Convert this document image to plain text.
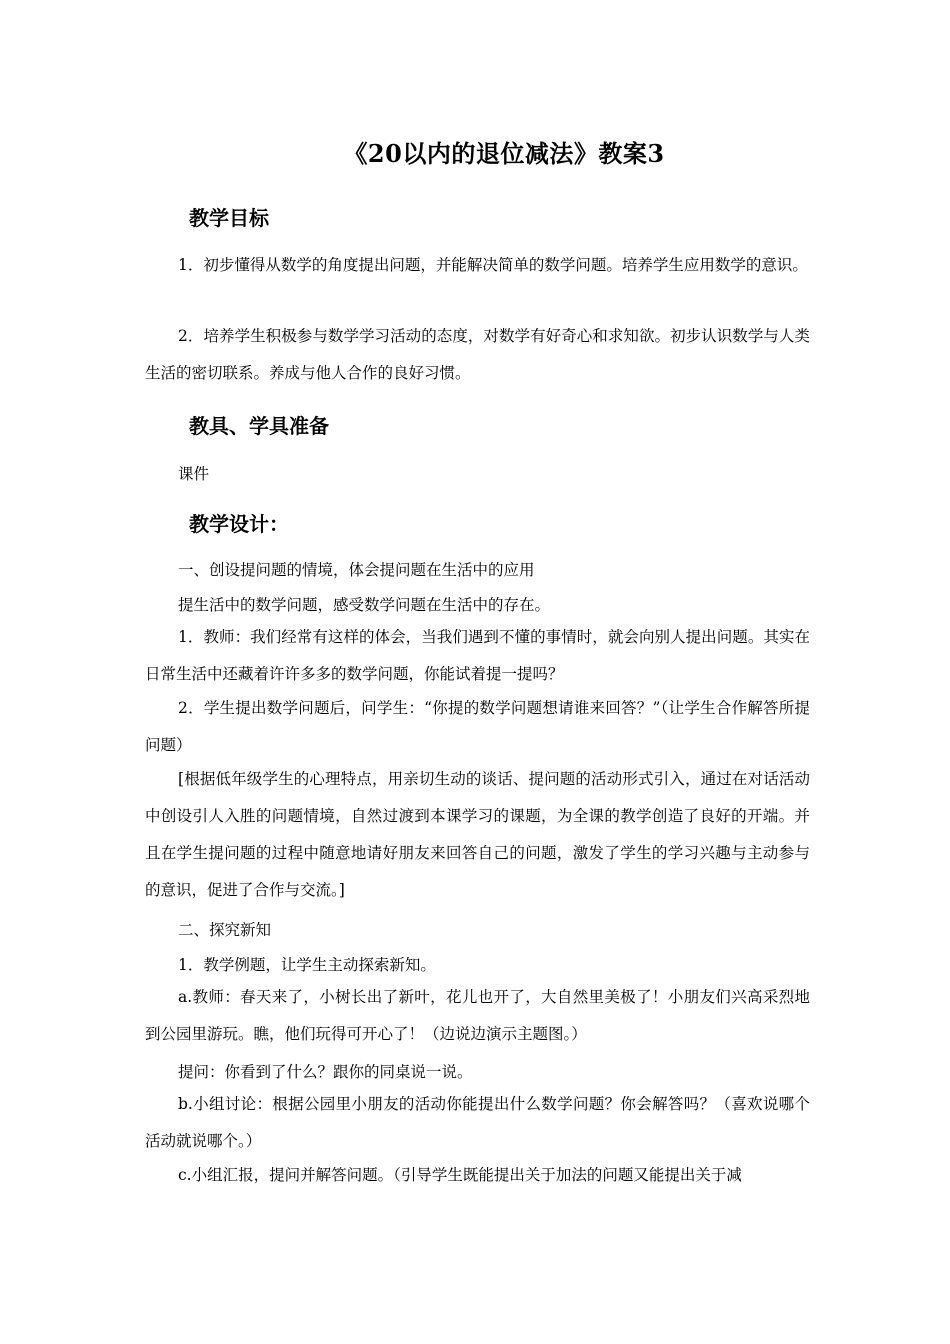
《20以内的退位减法》教案3
教学目标
1．初步懂得从数学的角度提出问题，并能解决简单的数学问题。培养学生应用数学的意识。
2．培养学生积极参与数学学习活动的态度，对数学有好奇心和求知欲。初步认识数学与人类生活的密切联系。养成与他人合作的良好习惯。
教具、学具准备
课件
教学设计：
一、创设提问题的情境，体会提问题在生活中的应用
提生活中的数学问题，感受数学问题在生活中的存在。
1．教师：我们经常有这样的体会，当我们遇到不懂的事情时，就会向别人提出问题。其实在日常生活中还藏着许许多多的数学问题，你能试着提一提吗？
2．学生提出数学问题后，问学生：“你提的数学问题想请谁来回答？”（让学生合作解答所提问题）
[根据低年级学生的心理特点，用亲切生动的谈话、提问题的活动形式引入，通过在对话活动中创设引人入胜的问题情境，自然过渡到本课学习的课题，为全课的教学创造了良好的开端。并且在学生提问题的过程中随意地请好朋友来回答自己的问题，激发了学生的学习兴趣与主动参与的意识，促进了合作与交流。]
二、探究新知
1．教学例题，让学生主动探索新知。
a.教师：春天来了，小树长出了新叶，花儿也开了，大自然里美极了！小朋友们兴高采烈地到公园里游玩。瞧，他们玩得可开心了！（边说边演示主题图。）
提问：你看到了什么？跟你的同桌说一说。
b.小组讨论：根据公园里小朋友的活动你能提出什么数学问题？你会解答吗？（喜欢说哪个活动就说哪个。）
c.小组汇报，提问并解答问题。（引导学生既能提出关于加法的问题又能提出关于减
